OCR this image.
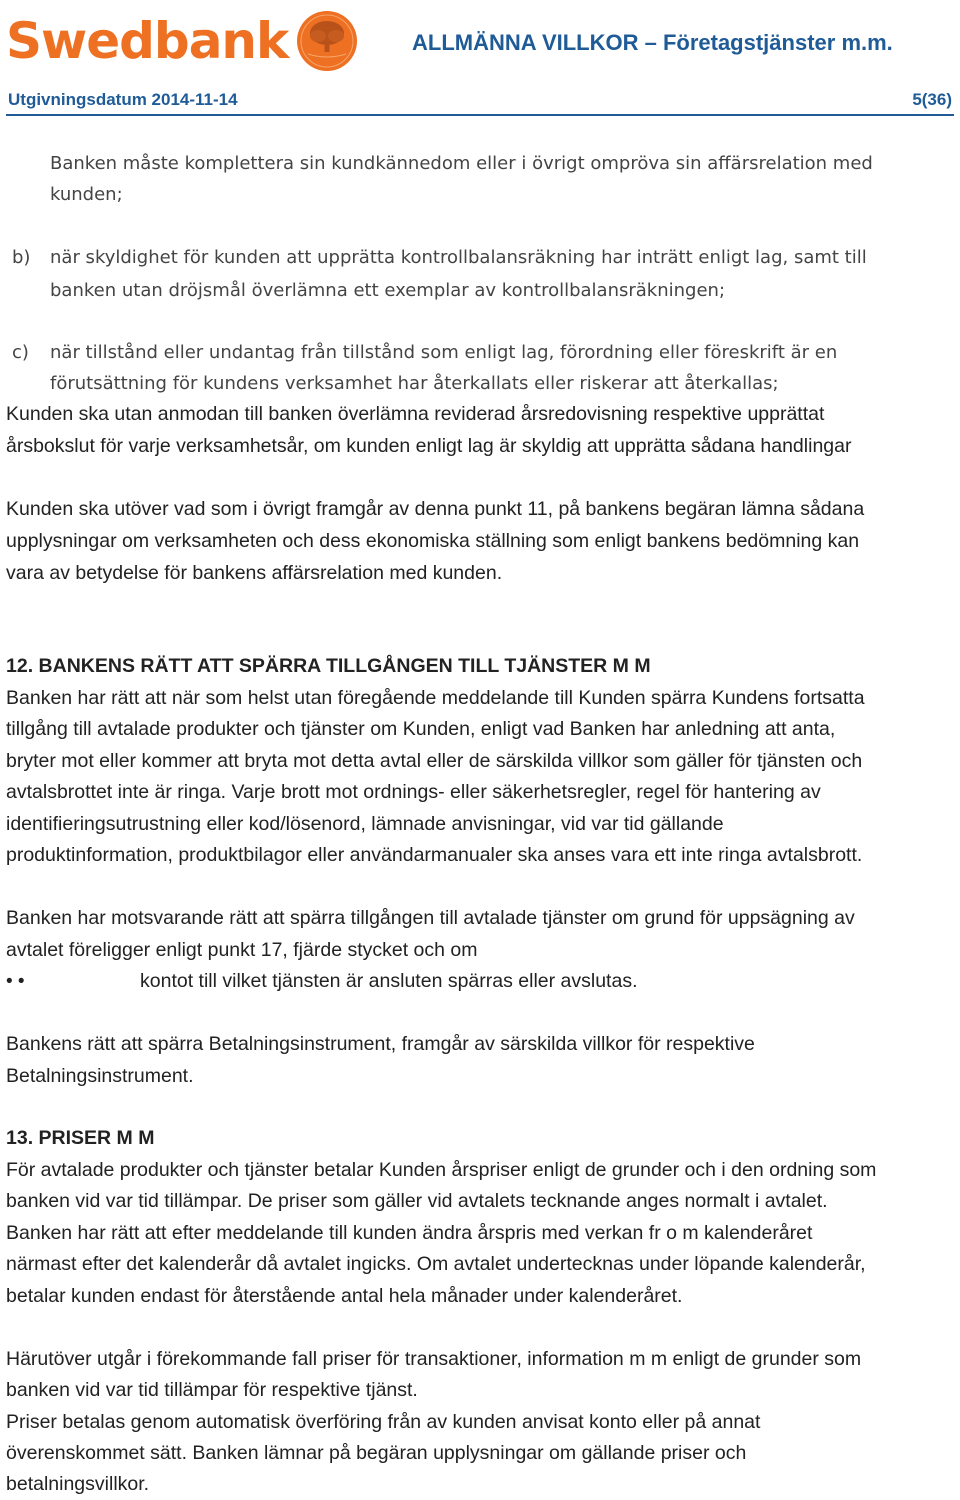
Swedbank	ALLMÄNNA VILLKOR – Företagstjänster m.m.
Utgivningsdatum 2014-11-14	5(36)
Banken måste komplettera sin kundkännedom eller i övrigt ompröva sin affärsrelation med
kunden;
b) när skyldighet för kunden att upprätta kontrollbalansräkning har inträtt enligt lag, samt till
banken utan dröjsmål överlämna ett exemplar av kontrollbalansräkningen;
c) när tillstånd eller undantag från tillstånd som enligt lag, förordning eller föreskrift är en
förutsättning för kundens verksamhet har återkallats eller riskerar att återkallas;
Kunden ska utan anmodan till banken överlämna reviderad årsredovisning respektive upprättat
årsbokslut för varje verksamhetsår, om kunden enligt lag är skyldig att upprätta sådana handlingar
Kunden ska utöver vad som i övrigt framgår av denna punkt 11, på bankens begäran lämna sådana
upplysningar om verksamheten och dess ekonomiska ställning som enligt bankens bedömning kan
vara av betydelse för bankens affärsrelation med kunden.
12. BANKENS RÄTT ATT SPÄRRA TILLGÅNGEN TILL TJÄNSTER M M
Banken har rätt att när som helst utan föregående meddelande till Kunden spärra Kundens fortsatta
tillgång till avtalade produkter och tjänster om Kunden, enligt vad Banken har anledning att anta,
bryter mot eller kommer att bryta mot detta avtal eller de särskilda villkor som gäller för tjänsten och
avtalsbrottet inte är ringa. Varje brott mot ordnings- eller säkerhetsregler, regel för hantering av
identifieringsutrustning eller kod/lösenord, lämnade anvisningar, vid var tid gällande
produktinformation, produktbilagor eller användarmanualer ska anses vara ett inte ringa avtalsbrott.
Banken har motsvarande rätt att spärra tillgången till avtalade tjänster om grund för uppsägning av
avtalet föreligger enligt punkt 17, fjärde stycket och om
• •	kontot till vilket tjänsten är ansluten spärras eller avslutas.
Bankens rätt att spärra Betalningsinstrument, framgår av särskilda villkor för respektive
Betalningsinstrument.
13. PRISER M M
För avtalade produkter och tjänster betalar Kunden årspriser enligt de grunder och i den ordning som
banken vid var tid tillämpar. De priser som gäller vid avtalets tecknande anges normalt i avtalet.
Banken har rätt att efter meddelande till kunden ändra årspris med verkan fr o m kalenderåret
närmast efter det kalenderår då avtalet ingicks. Om avtalet undertecknas under löpande kalenderår,
betalar kunden endast för återstående antal hela månader under kalenderåret.
Härutöver utgår i förekommande fall priser för transaktioner, information m m enligt de grunder som
banken vid var tid tillämpar för respektive tjänst.
Priser betalas genom automatisk överföring från av kunden anvisat konto eller på annat
överenskommet sätt. Banken lämnar på begäran upplysningar om gällande priser och
betalningsvillkor.
